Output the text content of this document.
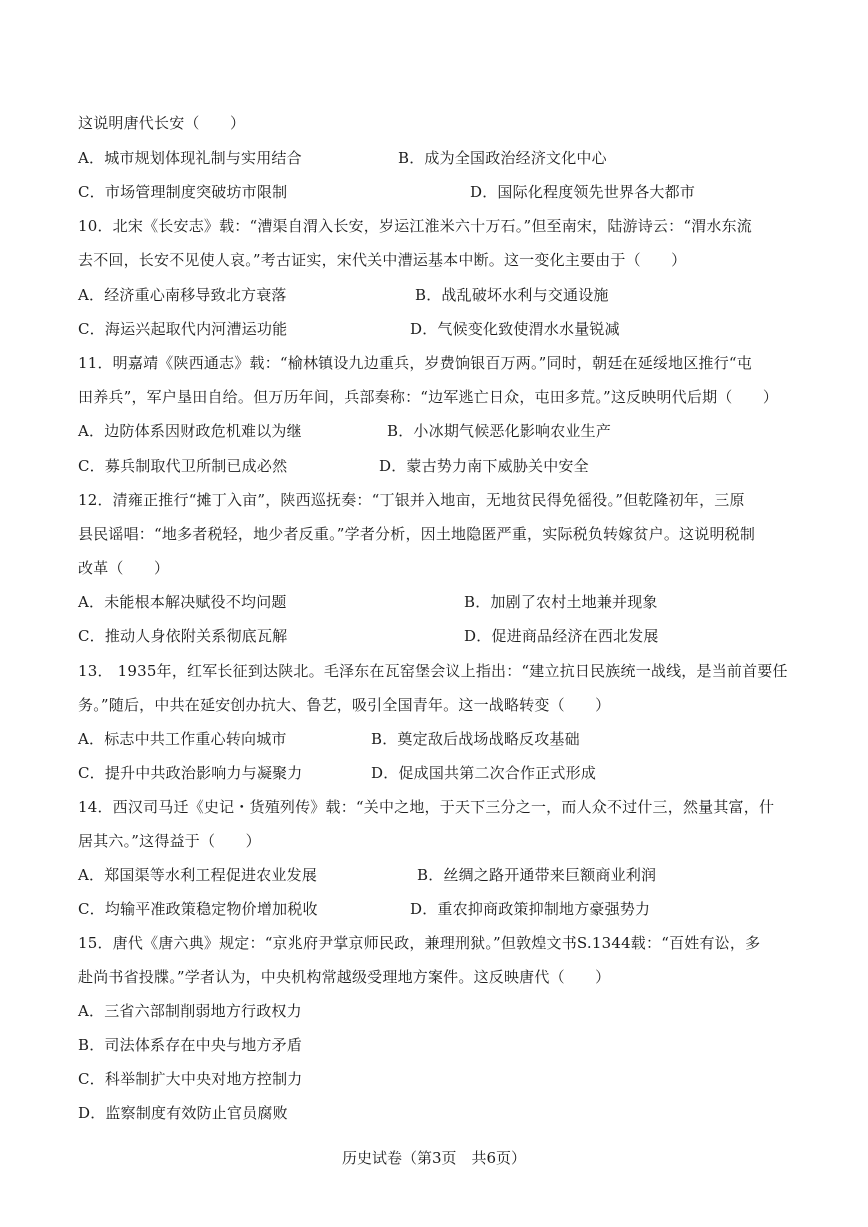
这说明唐代长安（　　）
A．城市规划体现礼制与实用结合	B．成为全国政治经济文化中心
C．市场管理制度突破坊市限制	D．国际化程度领先世界各大都市
10．北宋《长安志》载：“漕渠自渭入长安，岁运江淮米六十万石。”但至南宋，陆游诗云：“渭水东流
去不回，长安不见使人哀。”考古证实，宋代关中漕运基本中断。这一变化主要由于（　　）
A．经济重心南移导致北方衰落	B．战乱破坏水利与交通设施
C．海运兴起取代内河漕运功能	D．气候变化致使渭水水量锐减
11．明嘉靖《陕西通志》载：“榆林镇设九边重兵，岁费饷银百万两。”同时，朝廷在延绥地区推行“屯
田养兵”，军户垦田自给。但万历年间，兵部奏称：“边军逃亡日众，屯田多荒。”这反映明代后期（　　）
A．边防体系因财政危机难以为继	B．小冰期气候恶化影响农业生产
C．募兵制取代卫所制已成必然	D．蒙古势力南下威胁关中安全
12．清雍正推行“摊丁入亩”，陕西巡抚奏：“丁银并入地亩，无地贫民得免徭役。”但乾隆初年，三原
县民谣唱：“地多者税轻，地少者反重。”学者分析，因土地隐匿严重，实际税负转嫁贫户。这说明税制
改革（　　）
A．未能根本解决赋役不均问题	B．加剧了农村土地兼并现象
C．推动人身依附关系彻底瓦解	D．促进商品经济在西北发展
13． 1935年，红军长征到达陕北。毛泽东在瓦窑堡会议上指出：“建立抗日民族统一战线，是当前首要任
务。”随后，中共在延安创办抗大、鲁艺，吸引全国青年。这一战略转变（　　）
A．标志中共工作重心转向城市	B．奠定敌后战场战略反攻基础
C．提升中共政治影响力与凝聚力	D．促成国共第二次合作正式形成
14．西汉司马迁《史记・货殖列传》载：“关中之地，于天下三分之一，而人众不过什三，然量其富，什
居其六。”这得益于（　　）
A．郑国渠等水利工程促进农业发展	B．丝绸之路开通带来巨额商业利润
C．均输平准政策稳定物价增加税收	D．重农抑商政策抑制地方豪强势力
15．唐代《唐六典》规定：“京兆府尹掌京师民政，兼理刑狱。”但敦煌文书S.1344载：“百姓有讼，多
赴尚书省投牒。”学者认为，中央机构常越级受理地方案件。这反映唐代（　　）
A．三省六部制削弱地方行政权力
B．司法体系存在中央与地方矛盾
C．科举制扩大中央对地方控制力
D．监察制度有效防止官员腐败
历史试卷（第3页　共6页）
